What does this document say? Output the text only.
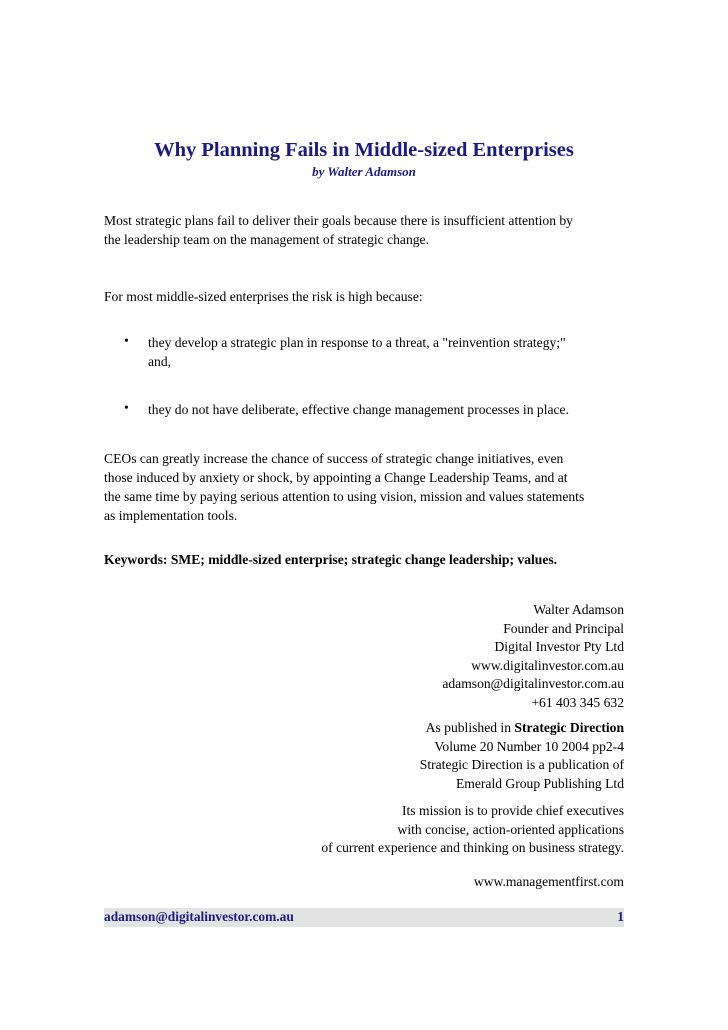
Why Planning Fails in Middle-sized Enterprises
by Walter Adamson
Most strategic plans fail to deliver their goals because there is insufficient attention by
the leadership team on the management of strategic change.
For most middle-sized enterprises the risk is high because:
• they develop a strategic plan in response to a threat, a "reinvention strategy;"
and,
• they do not have deliberate, effective change management processes in place.
CEOs can greatly increase the chance of success of strategic change initiatives, even
those induced by anxiety or shock, by appointing a Change Leadership Teams, and at
the same time by paying serious attention to using vision, mission and values statements
as implementation tools.
Keywords: SME; middle-sized enterprise; strategic change leadership; values.
Walter Adamson
Founder and Principal
Digital Investor Pty Ltd
www.digitalinvestor.com.au
adamson@digitalinvestor.com.au
+61 403 345 632
As published in Strategic Direction
Volume 20 Number 10 2004 pp2-4
Strategic Direction is a publication of
Emerald Group Publishing Ltd
Its mission is to provide chief executives
with concise, action-oriented applications
of current experience and thinking on business strategy.
www.managementfirst.com
adamson@digitalinvestor.com.au	1
